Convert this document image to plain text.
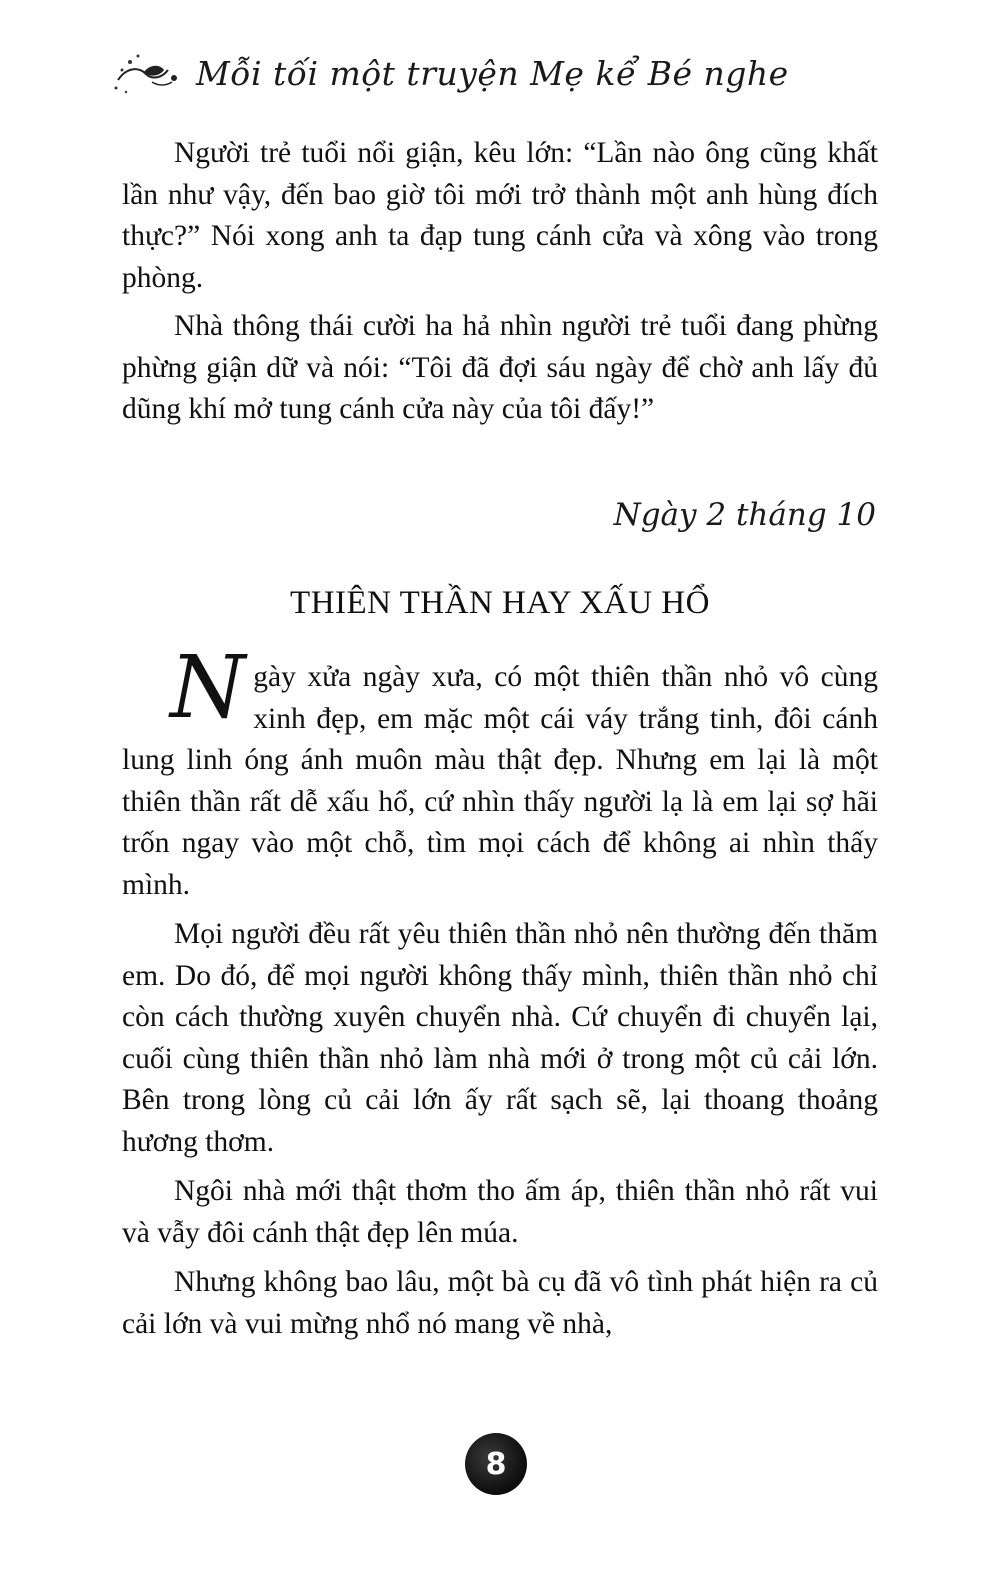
Mỗi tối một truyện Mẹ kể Bé nghe

Người trẻ tuổi nổi giận, kêu lớn: “Lần nào ông cũng khất lần như vậy, đến bao giờ tôi mới trở thành một anh hùng đích thực?” Nói xong anh ta đạp tung cánh cửa và xông vào trong phòng.

Nhà thông thái cười ha hả nhìn người trẻ tuổi đang phừng phừng giận dữ và nói: “Tôi đã đợi sáu ngày để chờ anh lấy đủ dũng khí mở tung cánh cửa này của tôi đấy!”

Ngày 2 tháng 10
THIÊN THẦN HAY XẤU HỔ

Ngày xửa ngày xưa, có một thiên thần nhỏ vô cùng xinh đẹp, em mặc một cái váy trắng tinh, đôi cánh lung linh óng ánh muôn màu thật đẹp. Nhưng em lại là một thiên thần rất dễ xấu hổ, cứ nhìn thấy người lạ là em lại sợ hãi trốn ngay vào một chỗ, tìm mọi cách để không ai nhìn thấy mình.

Mọi người đều rất yêu thiên thần nhỏ nên thường đến thăm em. Do đó, để mọi người không thấy mình, thiên thần nhỏ chỉ còn cách thường xuyên chuyển nhà. Cứ chuyển đi chuyển lại, cuối cùng thiên thần nhỏ làm nhà mới ở trong một củ cải lớn. Bên trong lòng củ cải lớn ấy rất sạch sẽ, lại thoang thoảng hương thơm.

Ngôi nhà mới thật thơm tho ấm áp, thiên thần nhỏ rất vui và vẫy đôi cánh thật đẹp lên múa.

Nhưng không bao lâu, một bà cụ đã vô tình phát hiện ra củ cải lớn và vui mừng nhổ nó mang về nhà,

8
